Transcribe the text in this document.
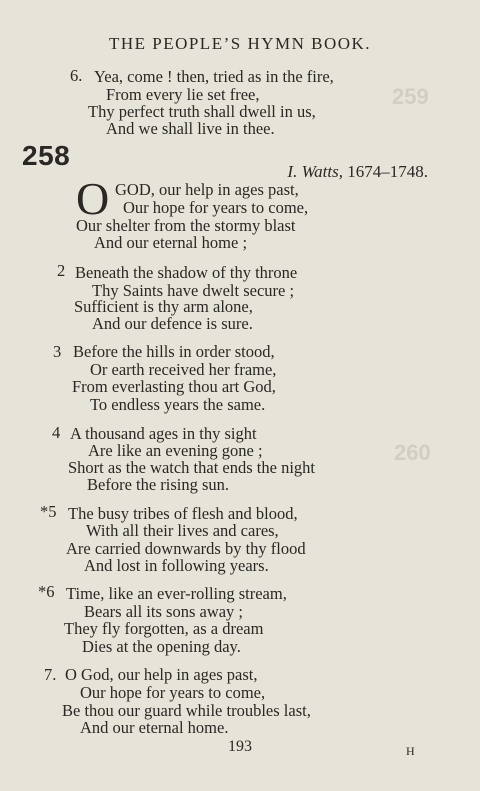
259
260
THE PEOPLE’S HYMN BOOK.
6. Yea, come ! then, tried as in the fire,
From every lie set free,
Thy perfect truth shall dwell in us,
And we shall live in thee.
258
I. Watts, 1674–1748.
O GOD, our help in ages past,
Our hope for years to come,
Our shelter from the stormy blast
And our eternal home ;
2 Beneath the shadow of thy throne
Thy Saints have dwelt secure ;
Sufficient is thy arm alone,
And our defence is sure.
3 Before the hills in order stood,
Or earth received her frame,
From everlasting thou art God,
To endless years the same.
4 A thousand ages in thy sight
Are like an evening gone ;
Short as the watch that ends the night
Before the rising sun.
*5 The busy tribes of flesh and blood,
With all their lives and cares,
Are carried downwards by thy flood
And lost in following years.
*6 Time, like an ever-rolling stream,
Bears all its sons away ;
They fly forgotten, as a dream
Dies at the opening day.
7. O God, our help in ages past,
Our hope for years to come,
Be thou our guard while troubles last,
And our eternal home.
193	H
